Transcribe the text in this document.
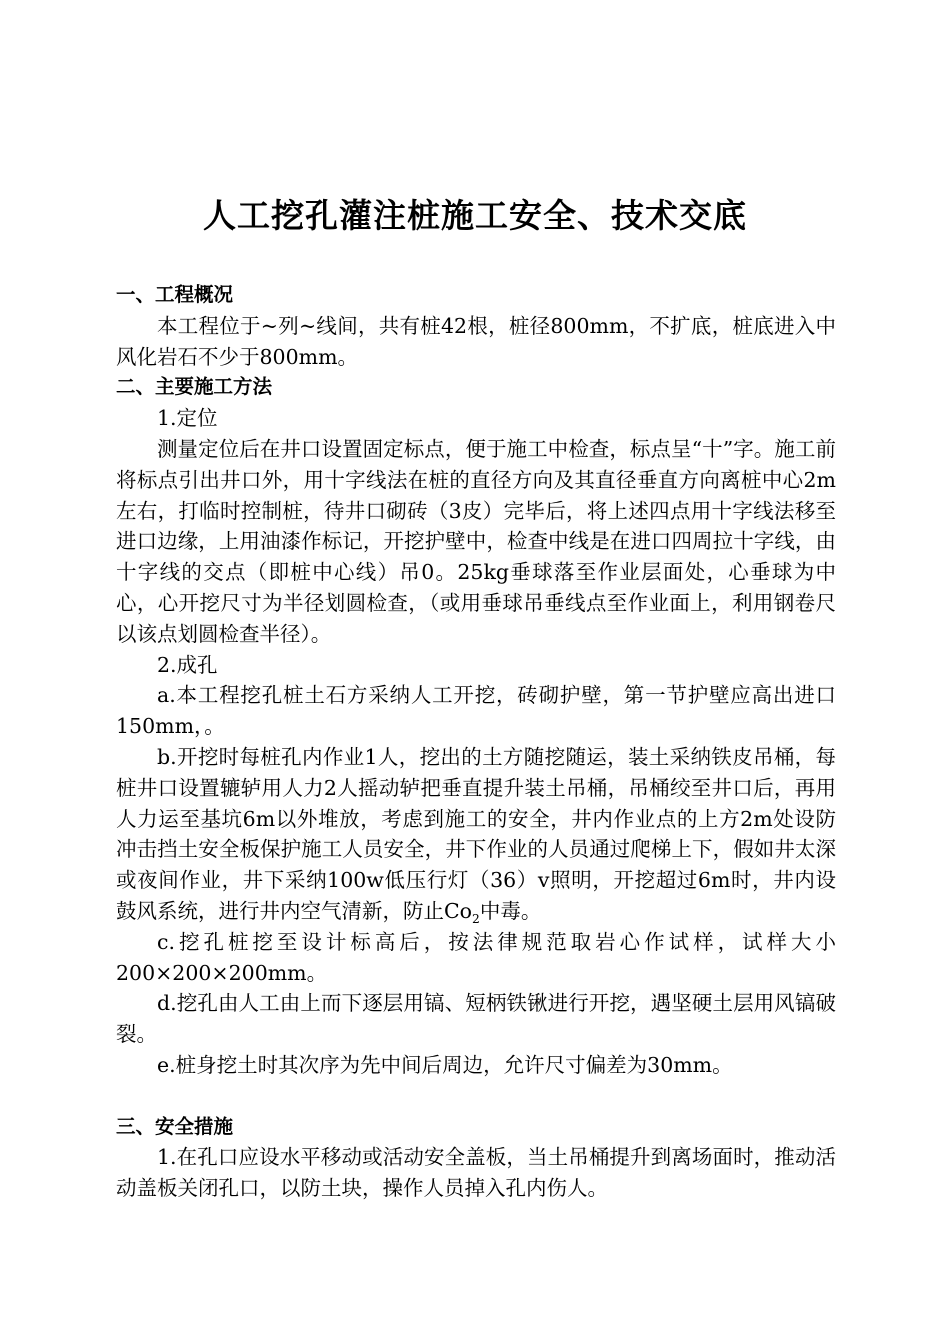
人工挖孔灌注桩施工安全、技术交底

一、工程概况

本工程位于~列~线间，共有桩42根，桩径800mm，不扩底，桩底进入中风化岩石不少于800mm。

二、主要施工方法

1.定位

测量定位后在井口设置固定标点，便于施工中检查，标点呈“十”字。施工前将标点引出井口外，用十字线法在桩的直径方向及其直径垂直方向离桩中心2m左右，打临时控制桩，待井口砌砖（3皮）完毕后，将上述四点用十字线法移至进口边缘，上用油漆作标记，开挖护壁中，检查中线是在进口四周拉十字线，由十字线的交点（即桩中心线）吊0。25kg垂球落至作业层面处，心垂球为中心，心开挖尺寸为半径划圆检查，（或用垂球吊垂线点至作业面上，利用钢卷尺以该点划圆检查半径）。

2.成孔

a.本工程挖孔桩土石方采纳人工开挖，砖砌护壁，第一节护壁应高出进口150mm，。

b.开挖时每桩孔内作业1人，挖出的土方随挖随运，装土采纳铁皮吊桶，每桩井口设置辘轳用人力2人摇动轳把垂直提升装土吊桶，吊桶绞至井口后，再用人力运至基坑6m以外堆放，考虑到施工的安全，井内作业点的上方2m处设防冲击挡土安全板保护施工人员安全，井下作业的人员通过爬梯上下，假如井太深或夜间作业，井下采纳100w低压行灯（36）v照明，开挖超过6m时，井内设鼓风系统，进行井内空气清新，防止$Co_2$中毒。

c.挖孔桩挖至设计标高后，按法律规范取岩心作试样，试样大小200×200×200mm。

d.挖孔由人工由上而下逐层用镐、短柄铁锹进行开挖，遇坚硬土层用风镐破裂。

e.桩身挖土时其次序为先中间后周边，允许尺寸偏差为30mm。

三、安全措施

1.在孔口应设水平移动或活动安全盖板，当土吊桶提升到离场面时，推动活动盖板关闭孔口，以防土块，操作人员掉入孔内伤人。
